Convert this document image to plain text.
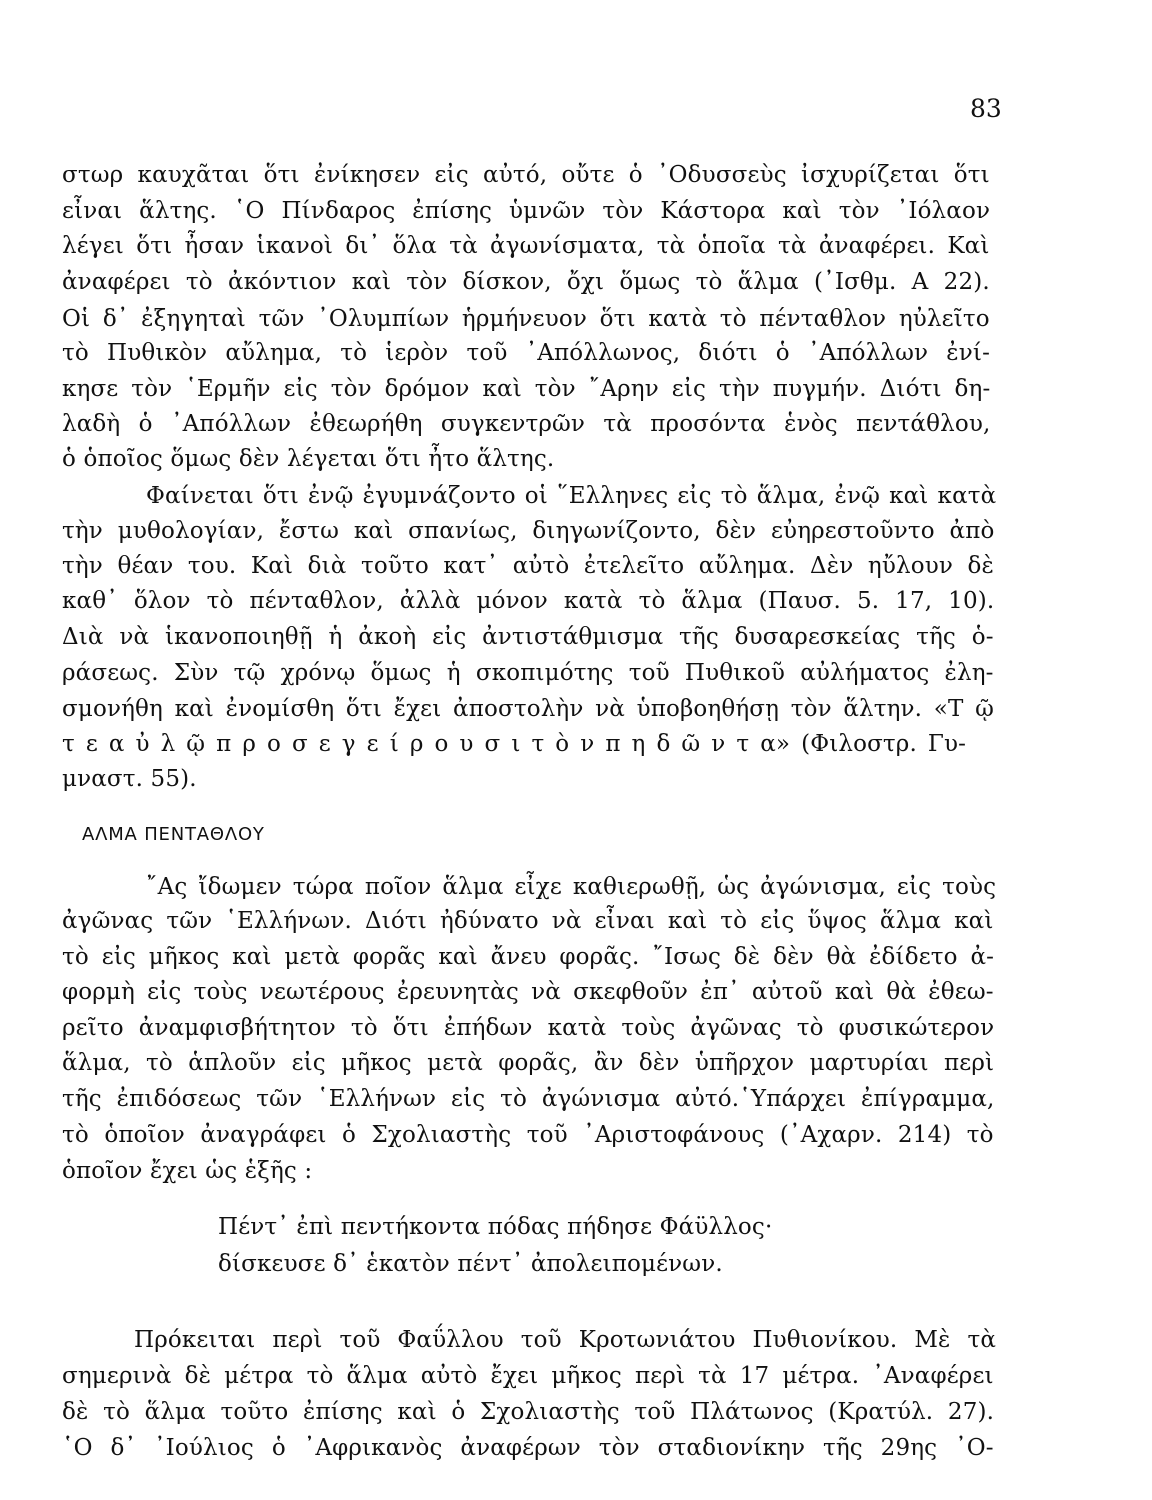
83
στωρ καυχᾶται ὅτι ἐνίκησεν εἰς αὐτό, οὔτε ὁ ᾿Οδυσσεὺς ἰσχυρίζεται ὅτι
εἶναι ἅλτης. ῾Ο Πίνδαρος ἐπίσης ὑμνῶν τὸν Κάστορα καὶ τὸν ᾿Ιόλαον
λέγει ὅτι ἦσαν ἱκανοὶ δι᾿ ὅλα τὰ ἀγωνίσματα, τὰ ὁποῖα τὰ ἀναφέρει. Καὶ
ἀναφέρει τὸ ἀκόντιον καὶ τὸν δίσκον, ὄχι ὅμως τὸ ἅλμα (᾿Ισθμ. Α 22).
Οἱ δ᾿ ἐξηγηταὶ τῶν ᾿Ολυμπίων ἡρμήνευον ὅτι κατὰ τὸ πένταθλον ηὐλεῖτο
τὸ Πυθικὸν αὔλημα, τὸ ἱερὸν τοῦ ᾿Απόλλωνος, διότι ὁ ᾿Απόλλων ἐνί-
κησε τὸν ῾Ερμῆν εἰς τὸν δρόμον καὶ τὸν ῎Αρην εἰς τὴν πυγμήν. Διότι δη-
λαδὴ ὁ ᾿Απόλλων ἐθεωρήθη συγκεντρῶν τὰ προσόντα ἑνὸς πεντάθλου,
ὁ ὁποῖος ὅμως δὲν λέγεται ὅτι ἦτο ἅλτης.
Φαίνεται ὅτι ἐνῷ ἐγυμνάζοντο οἱ ῞Ελληνες εἰς τὸ ἅλμα, ἐνῷ καὶ κατὰ
τὴν μυθολογίαν, ἔστω καὶ σπανίως, διηγωνίζοντο, δὲν εὐηρεστοῦντο ἀπὸ
τὴν θέαν του. Καὶ διὰ τοῦτο κατ᾿ αὐτὸ ἐτελεῖτο αὔλημα. Δὲν ηὔλουν δὲ
καθ᾿ ὅλον τὸ πένταθλον, ἀλλὰ μόνον κατὰ τὸ ἅλμα (Παυσ. 5. 17, 10).
Διὰ νὰ ἱκανοποιηθῇ ἡ ἀκοὴ εἰς ἀντιστάθμισμα τῆς δυσαρεσκείας τῆς ὁ-
ράσεως. Σὺν τῷ χρόνῳ ὅμως ἡ σκοπιμότης τοῦ Πυθικοῦ αὐλήματος ἐλη-
σμονήθη καὶ ἐνομίσθη ὅτι ἔχει ἀποστολὴν νὰ ὑποβοηθήσῃ τὸν ἅλτην. «Τ ῷ
τ ε α ὐ λ ῷ π ρ ο σ ε γ ε ί ρ ο υ σ ι τ ὸ ν π η δ ῶ ν τ α» (Φιλοστρ. Γυ-
μναστ. 55).
ΑΛΜΑ ΠΕΝΤΑΘΛΟΥ
῎Ας ἴδωμεν τώρα ποῖον ἅλμα εἶχε καθιερωθῇ, ὡς ἀγώνισμα, εἰς τοὺς
ἀγῶνας τῶν ῾Ελλήνων. Διότι ἠδύνατο νὰ εἶναι καὶ τὸ εἰς ὕψος ἅλμα καὶ
τὸ εἰς μῆκος καὶ μετὰ φορᾶς καὶ ἄνευ φορᾶς. ῎Ισως δὲ δὲν θὰ ἐδίδετο ἀ-
φορμὴ εἰς τοὺς νεωτέρους ἐρευνητὰς νὰ σκεφθοῦν ἐπ᾿ αὐτοῦ καὶ θὰ ἐθεω-
ρεῖτο ἀναμφισβήτητον τὸ ὅτι ἐπήδων κατὰ τοὺς ἀγῶνας τὸ φυσικώτερον
ἅλμα, τὸ ἁπλοῦν εἰς μῆκος μετὰ φορᾶς, ἂν δὲν ὑπῆρχον μαρτυρίαι περὶ
τῆς ἐπιδόσεως τῶν ῾Ελλήνων εἰς τὸ ἀγώνισμα αὐτό.῾Υπάρχει ἐπίγραμμα,
τὸ ὁποῖον ἀναγράφει ὁ Σχολιαστὴς τοῦ ᾿Αριστοφάνους (᾿Αχαρν. 214) τὸ
ὁποῖον ἔχει ὡς ἑξῆς :
Πέντ᾿ ἐπὶ πεντήκοντα πόδας πήδησε Φάϋλλος·
δίσκευσε δ᾿ ἑκατὸν πέντ᾿ ἀπολειπομένων.
Πρόκειται περὶ τοῦ Φαΰλλου τοῦ Κροτωνιάτου Πυθιονίκου. Μὲ τὰ
σημερινὰ δὲ μέτρα τὸ ἅλμα αὐτὸ ἔχει μῆκος περὶ τὰ 17 μέτρα. ᾿Αναφέρει
δὲ τὸ ἅλμα τοῦτο ἐπίσης καὶ ὁ Σχολιαστὴς τοῦ Πλάτωνος (Κρατύλ. 27).
῾Ο δ᾿ ᾿Ιούλιος ὁ ᾿Αφρικανὸς ἀναφέρων τὸν σταδιονίκην τῆς 29ης ᾿Ο-
